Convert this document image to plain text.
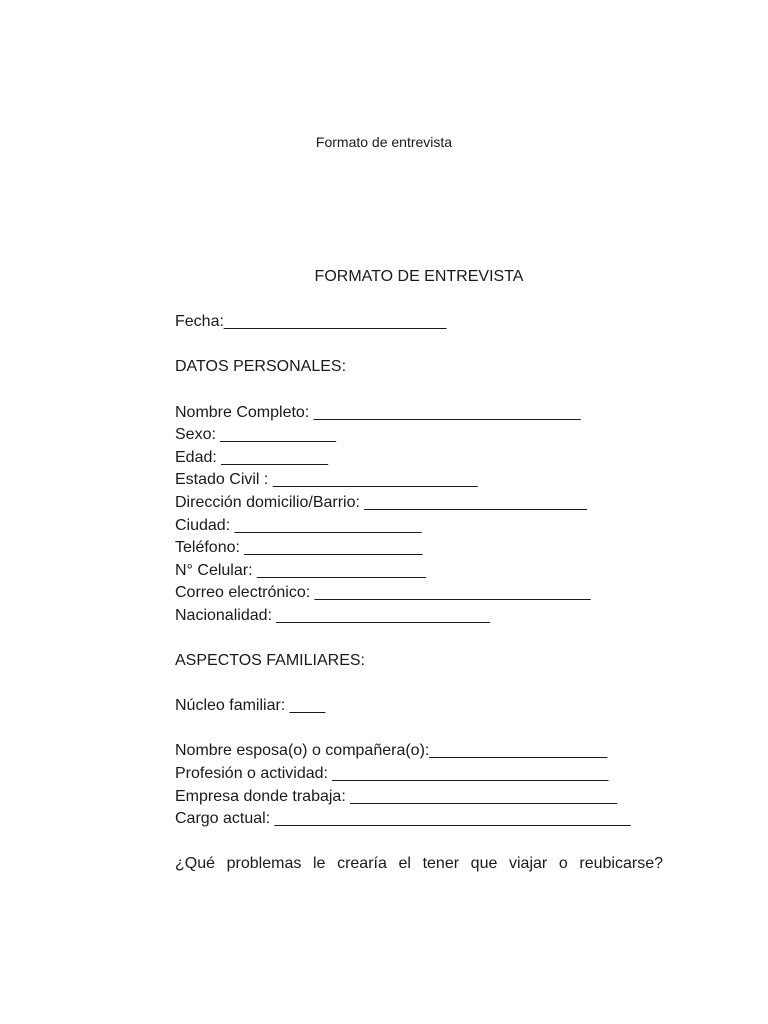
Formato de entrevista
FORMATO DE ENTREVISTA
Fecha:_________________________
DATOS PERSONALES:
Nombre Completo: ______________________________
Sexo: _____________
Edad: ____________
Estado Civil : _______________________
Dirección domicilio/Barrio: _________________________
Ciudad: _____________________
Teléfono: ____________________
N° Celular: ___________________
Correo electrónico: _______________________________
Nacionalidad: ________________________
ASPECTOS FAMILIARES:
Núcleo familiar: ____
Nombre esposa(o) o compañera(o):____________________
Profesión o actividad: _______________________________
Empresa donde trabaja: ______________________________
Cargo actual: ________________________________________
¿Qué problemas le crearía el tener que viajar o reubicarse?
